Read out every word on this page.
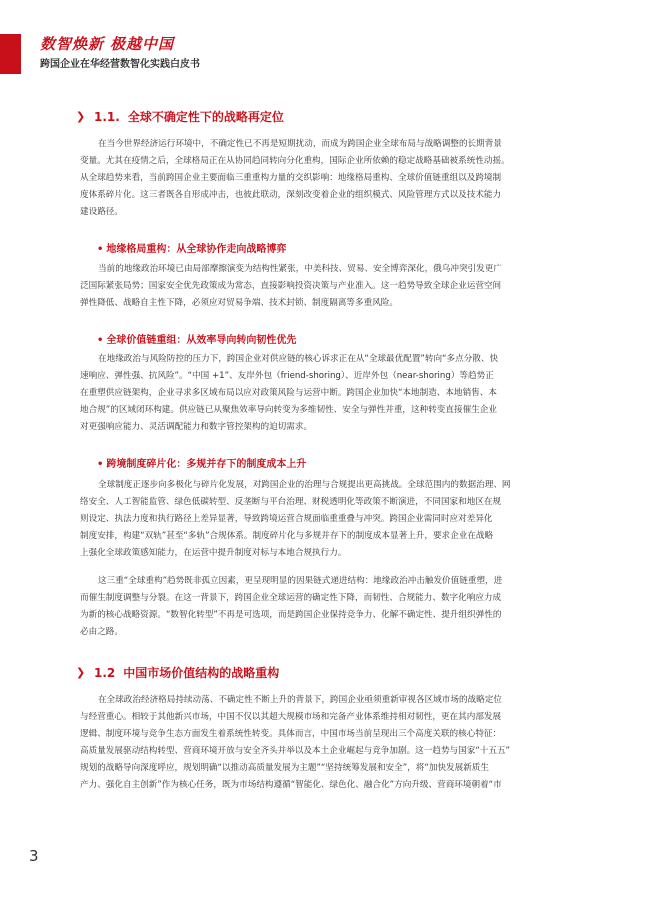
数智焕新 极越中国
跨国企业在华经营数智化实践白皮书
❯ 1.1. 全球不确定性下的战略再定位
在当今世界经济运行环境中，不确定性已不再是短期扰动，而成为跨国企业全球布局与战略调整的长期背景
变量。尤其在疫情之后，全球格局正在从协同趋同转向分化重构，国际企业所依赖的稳定战略基础被系统性动摇。
从全球趋势来看，当前跨国企业主要面临三重重构力量的交织影响：地缘格局重构、全球价值链重组以及跨境制
度体系碎片化。这三者既各自形成冲击，也彼此联动，深刻改变着企业的组织模式、风险管理方式以及技术能力
建设路径。
• 地缘格局重构：从全球协作走向战略博弈
当前的地缘政治环境已由局部摩擦演变为结构性紧张，中美科技、贸易、安全博弈深化，俄乌冲突引发更广
泛国际紧张局势；国家安全优先政策成为常态，直接影响投资决策与产业准入。这一趋势导致全球企业运营空间
弹性降低、战略自主性下降，必须应对贸易争端、技术封锁、制度隔离等多重风险。
• 全球价值链重组：从效率导向转向韧性优先
在地缘政治与风险防控的压力下，跨国企业对供应链的核心诉求正在从“全球最优配置”转向“多点分散、快
速响应、弹性强、抗风险”。“中国 +1”、友岸外包（friend-shoring）、近岸外包（near-shoring）等趋势正
在重塑供应链架构，企业寻求多区域布局以应对政策风险与运营中断。跨国企业加快“本地制造、本地销售、本
地合规”的区域闭环构建。供应链已从聚焦效率导向转变为多维韧性、安全与弹性并重，这种转变直接催生企业
对更强响应能力、灵活调配能力和数字管控架构的迫切需求。
• 跨境制度碎片化：多规并存下的制度成本上升
全球制度正逐步向多极化与碎片化发展，对跨国企业的治理与合规提出更高挑战。全球范围内的数据治理、网
络安全、人工智能监管、绿色低碳转型、反垄断与平台治理、财税透明化等政策不断演进，不同国家和地区在规
则设定、执法力度和执行路径上差异显著，导致跨境运营合规面临重重叠与冲突。跨国企业需同时应对差异化
制度安排，构建“双轨”甚至“多轨”合规体系。制度碎片化与多规并存下的制度成本显著上升，要求企业在战略
上强化全球政策感知能力，在运营中提升制度对标与本地合规执行力。
这三重“全球重构”趋势既非孤立因素，更呈现明显的因果链式递进结构：地缘政治冲击触发价值链重塑，进
而催生制度调整与分裂。在这一背景下，跨国企业全球运营的确定性下降，而韧性、合规能力、数字化响应力成
为新的核心战略资源。“数智化转型”不再是可选项，而是跨国企业保持竞争力、化解不确定性、提升组织弹性的
必由之路。
❯ 1.2 中国市场价值结构的战略重构
在全球政治经济格局持续动荡、不确定性不断上升的背景下，跨国企业亟须重新审视各区域市场的战略定位
与经营重心。相较于其他新兴市场，中国不仅以其超大规模市场和完备产业体系维持相对韧性，更在其内部发展
逻辑、制度环境与竞争生态方面发生着系统性转变。具体而言，中国市场当前呈现出三个高度关联的核心特征：
高质量发展驱动结构转型、营商环境开放与安全齐头并举以及本土企业崛起与竞争加剧。这一趋势与国家“十五五”
规划的战略导向深度呼应，规划明确“以推动高质量发展为主题”“坚持统筹发展和安全”，将“加快发展新质生
产力、强化自主创新”作为核心任务，既为市场结构遵循“智能化、绿色化、融合化”方向升级、营商环境朝着“市
3
